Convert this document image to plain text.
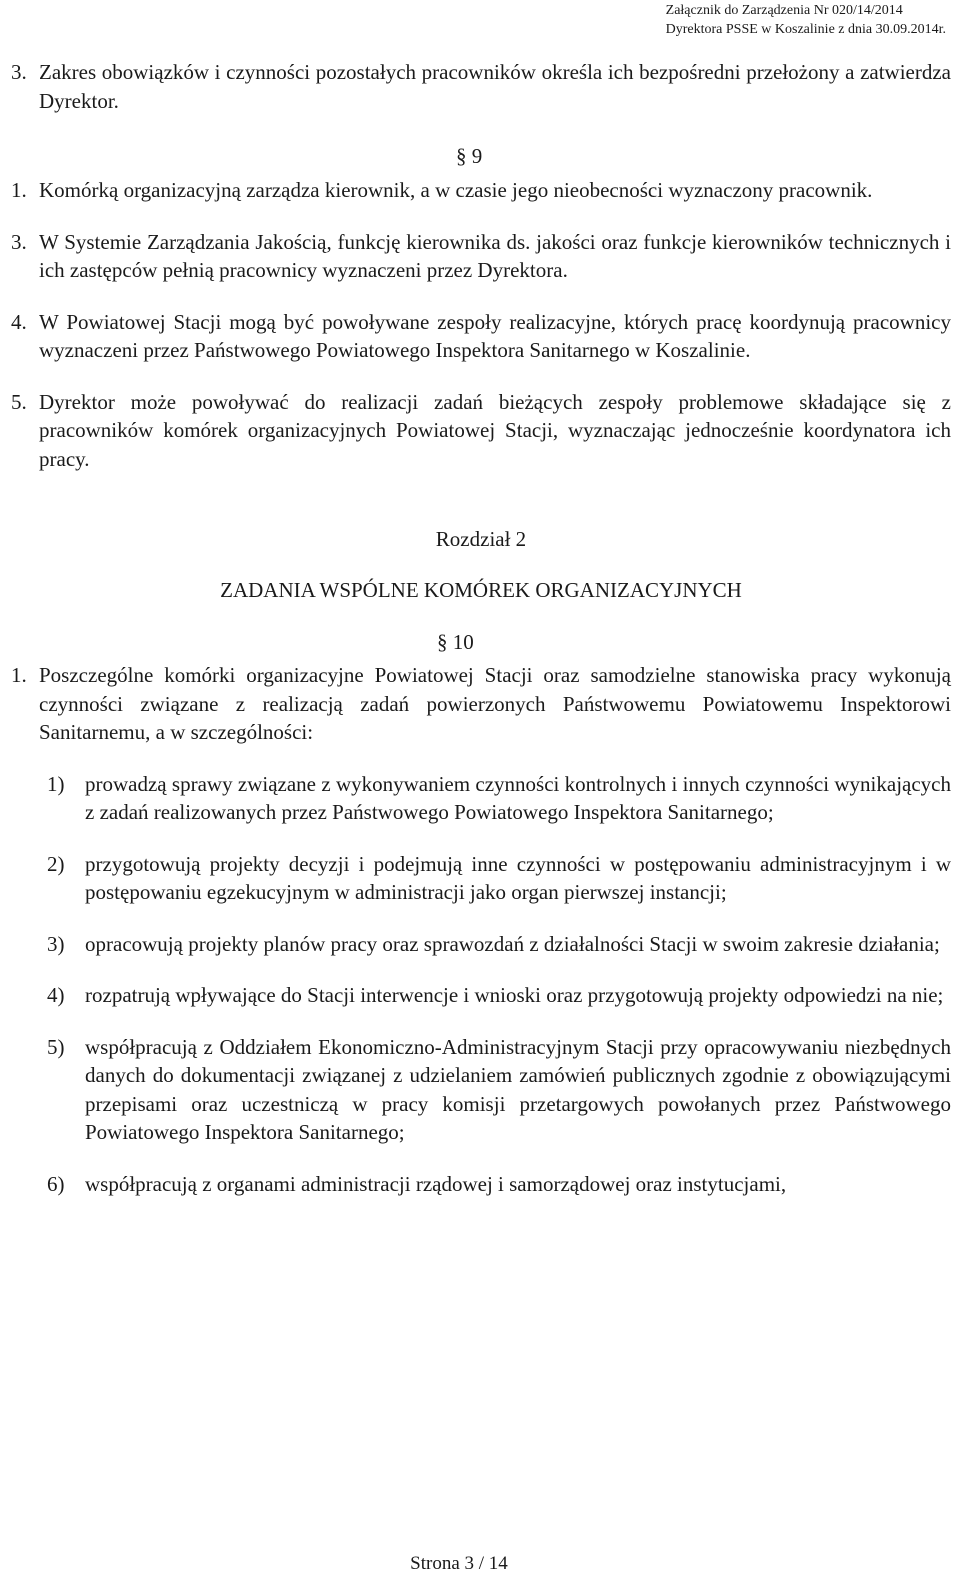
Załącznik do Zarządzenia Nr 020/14/2014
Dyrektora PSSE w Koszalinie z dnia 30.09.2014r.

3. Zakres obowiązków i czynności pozostałych pracowników określa ich bezpośredni przełożony a zatwierdza Dyrektor.

§ 9

1. Komórką organizacyjną zarządza kierownik, a w czasie jego nieobecności wyznaczony pracownik.

3. W Systemie Zarządzania Jakością, funkcję kierownika ds. jakości oraz funkcje kierowników technicznych i ich zastępców pełnią pracownicy wyznaczeni przez Dyrektora.

4. W Powiatowej Stacji mogą być powoływane zespoły realizacyjne, których pracę koordynują pracownicy wyznaczeni przez Państwowego Powiatowego Inspektora Sanitarnego w Koszalinie.

5. Dyrektor może powoływać do realizacji zadań bieżących zespoły problemowe składające się z pracowników komórek organizacyjnych Powiatowej Stacji, wyznaczając jednocześnie koordynatora ich pracy.

Rozdział 2

ZADANIA WSPÓLNE KOMÓREK ORGANIZACYJNYCH

§ 10

1. Poszczególne komórki organizacyjne Powiatowej Stacji oraz samodzielne stanowiska pracy wykonują czynności związane z realizacją zadań powierzonych Państwowemu Powiatowemu Inspektorowi Sanitarnemu, a w szczególności:

1) prowadzą sprawy związane z wykonywaniem czynności kontrolnych i innych czynności wynikających z zadań realizowanych przez Państwowego Powiatowego Inspektora Sanitarnego;

2) przygotowują projekty decyzji i podejmują inne czynności w postępowaniu administracyjnym i w postępowaniu egzekucyjnym w administracji jako organ pierwszej instancji;

3) opracowują projekty planów pracy oraz sprawozdań z działalności Stacji w swoim zakresie działania;

4) rozpatrują wpływające do Stacji interwencje i wnioski oraz przygotowują projekty odpowiedzi na nie;

5) współpracują z Oddziałem Ekonomiczno-Administracyjnym Stacji przy opracowywaniu niezbędnych danych do dokumentacji związanej z udzielaniem zamówień publicznych zgodnie z obowiązującymi przepisami oraz uczestniczą w pracy komisji przetargowych powołanych przez Państwowego Powiatowego Inspektora Sanitarnego;

6) współpracują z organami administracji rządowej i samorządowej oraz instytucjami,

Strona 3 / 14
